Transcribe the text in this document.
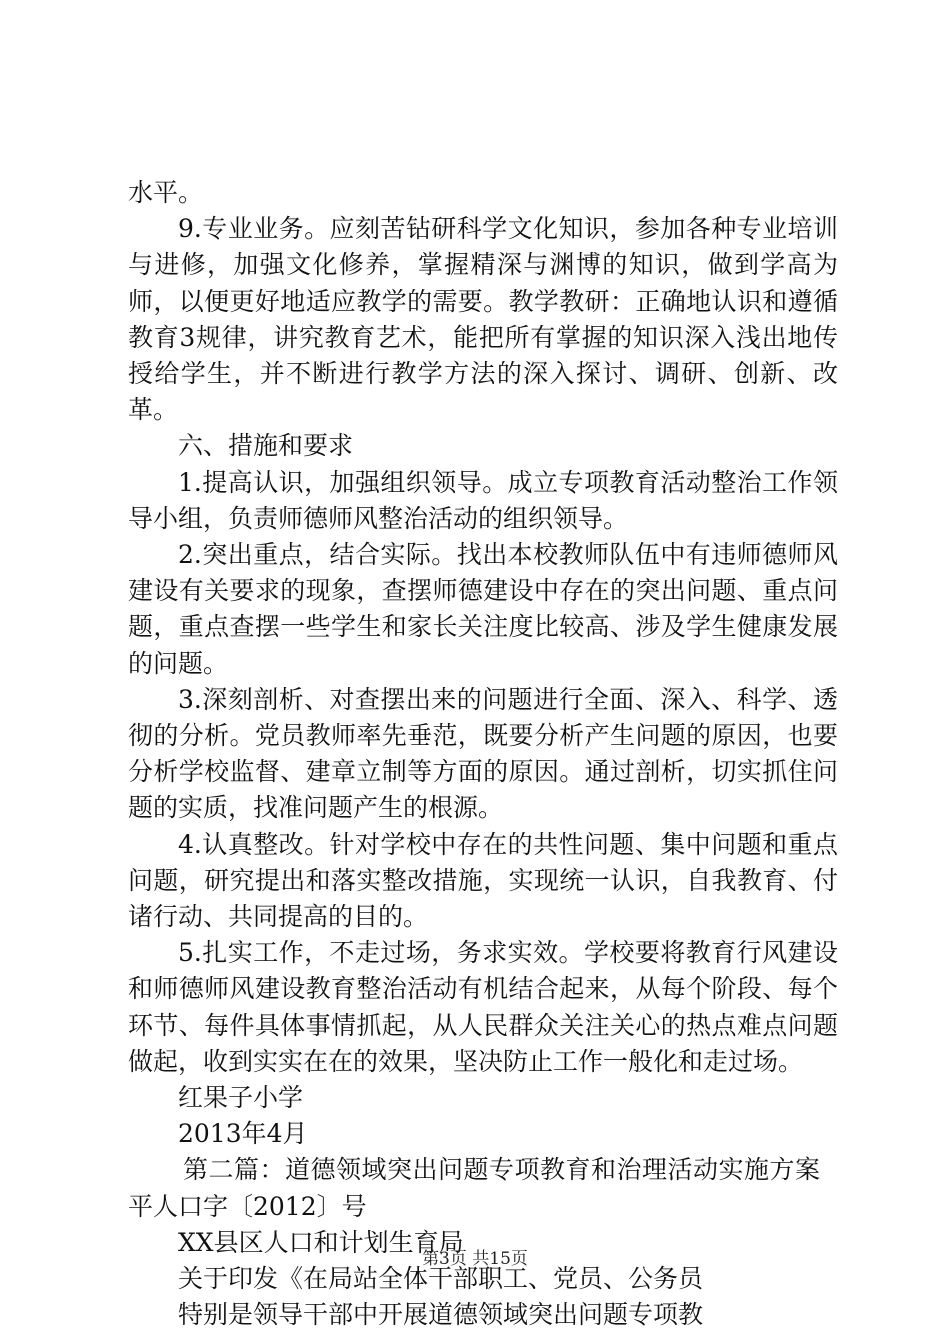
水平。

9.专业业务。应刻苦钻研科学文化知识，参加各种专业培训与进修，加强文化修养，掌握精深与渊博的知识，做到学高为师，以便更好地适应教学的需要。教学教研：正确地认识和遵循教育3规律，讲究教育艺术，能把所有掌握的知识深入浅出地传授给学生，并不断进行教学方法的深入探讨、调研、创新、改革。

六、措施和要求

1.提高认识，加强组织领导。成立专项教育活动整治工作领导小组，负责师德师风整治活动的组织领导。

2.突出重点，结合实际。找出本校教师队伍中有违师德师风建设有关要求的现象，查摆师德建设中存在的突出问题、重点问题，重点查摆一些学生和家长关注度比较高、涉及学生健康发展的问题。

3.深刻剖析、对查摆出来的问题进行全面、深入、科学、透彻的分析。党员教师率先垂范，既要分析产生问题的原因，也要分析学校监督、建章立制等方面的原因。通过剖析，切实抓住问题的实质，找准问题产生的根源。

4.认真整改。针对学校中存在的共性问题、集中问题和重点问题，研究提出和落实整改措施，实现统一认识，自我教育、付诸行动、共同提高的目的。

5.扎实工作，不走过场，务求实效。学校要将教育行风建设和师德师风建设教育整治活动有机结合起来，从每个阶段、每个环节、每件具体事情抓起，从人民群众关注关心的热点难点问题做起，收到实实在在的效果，坚决防止工作一般化和走过场。

红果子小学

2013年4月

第二篇：道德领域突出问题专项教育和治理活动实施方案

平人口字〔2012〕号

XX县区人口和计划生育局

关于印发《在局站全体干部职工、党员、公务员

特别是领导干部中开展道德领域突出问题专项教

第3页 共15页
